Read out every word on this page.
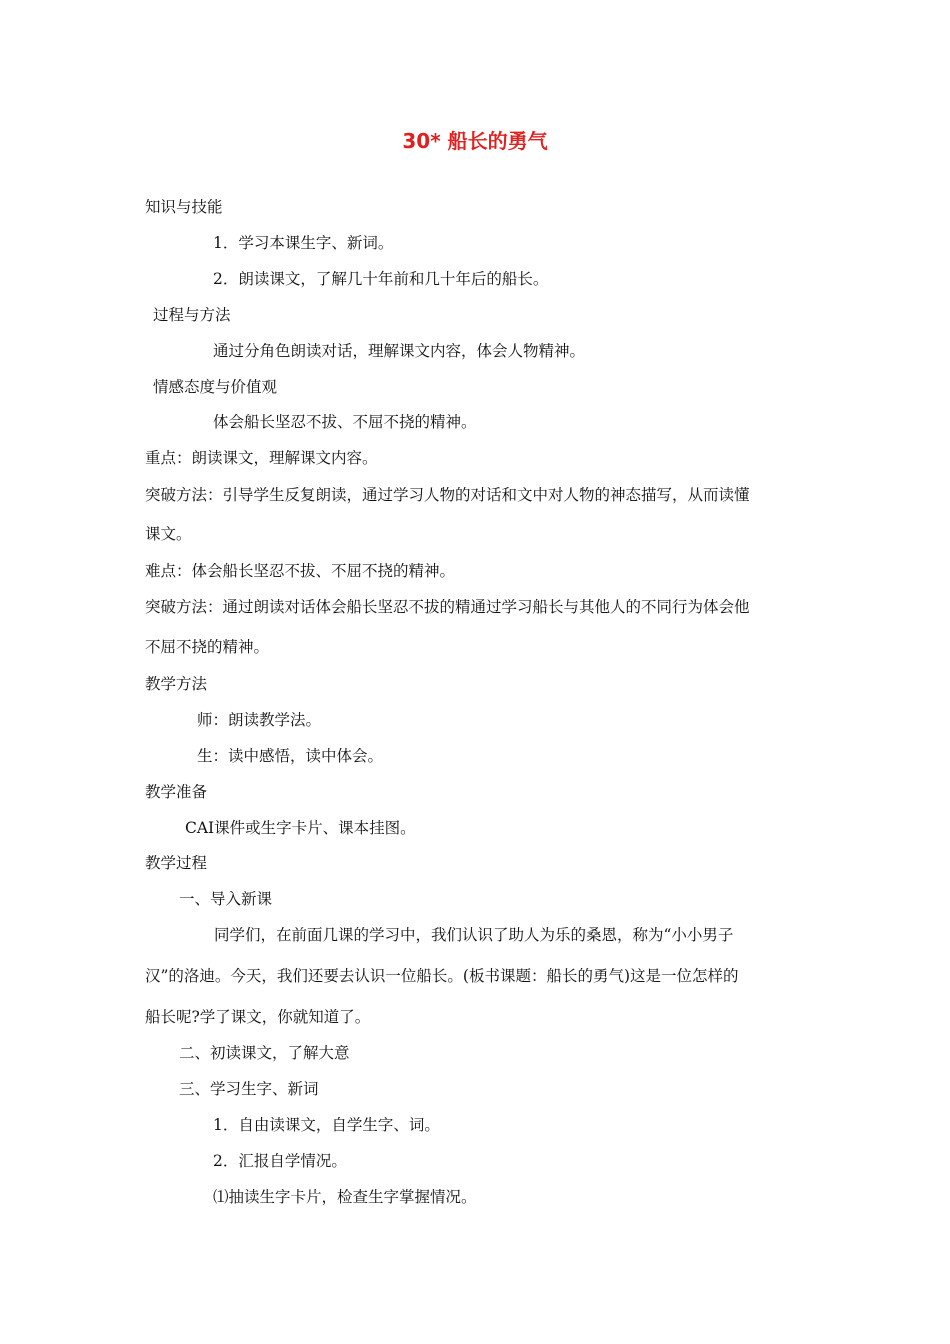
30* 船长的勇气
知识与技能
1．学习本课生字、新词。
2．朗读课文，了解几十年前和几十年后的船长。
过程与方法
通过分角色朗读对话，理解课文内容，体会人物精神。
情感态度与价值观
体会船长坚忍不拔、不屈不挠的精神。
重点：朗读课文，理解课文内容。
突破方法：引导学生反复朗读，通过学习人物的对话和文中对人物的神态描写，从而读懂
课文。
难点：体会船长坚忍不拔、不屈不挠的精神。
突破方法：通过朗读对话体会船长坚忍不拔的精通过学习船长与其他人的不同行为体会他
不屈不挠的精神。
教学方法
师：朗读教学法。
生：读中感悟，读中体会。
教学准备
CAI课件或生字卡片、课本挂图。
教学过程
一、导入新课
同学们，在前面几课的学习中，我们认识了助人为乐的桑恩，称为“小小男子
汉”的洛迪。今天，我们还要去认识一位船长。(板书课题：船长的勇气)这是一位怎样的
船长呢?学了课文，你就知道了。
二、初读课文，了解大意
三、学习生字、新词
1．自由读课文，自学生字、词。
2．汇报自学情况。
⑴抽读生字卡片，检查生字掌握情况。
